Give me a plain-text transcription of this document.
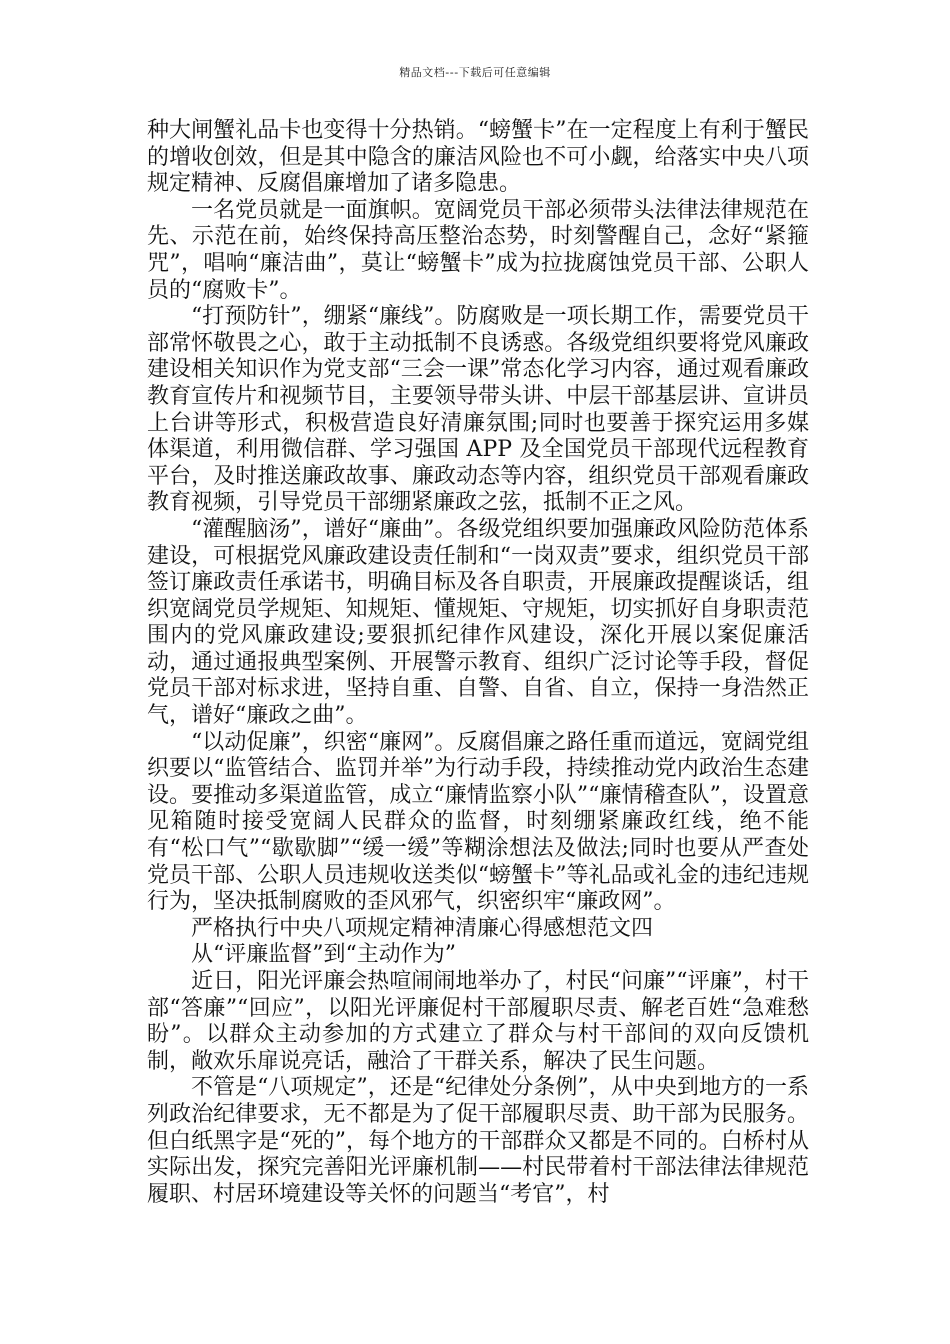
精品文档---下载后可任意编辑

种大闸蟹礼品卡也变得十分热销。“螃蟹卡”在一定程度上有利于蟹民的增收创效，但是其中隐含的廉洁风险也不可小觑，给落实中央八项规定精神、反腐倡廉增加了诸多隐患。

一名党员就是一面旗帜。宽阔党员干部必须带头法律法律规范在先、示范在前，始终保持高压整治态势，时刻警醒自己，念好“紧箍咒”，唱响“廉洁曲”，莫让“螃蟹卡”成为拉拢腐蚀党员干部、公职人员的“腐败卡”。

“打预防针”，绷紧“廉线”。防腐败是一项长期工作，需要党员干部常怀敬畏之心，敢于主动抵制不良诱惑。各级党组织要将党风廉政建设相关知识作为党支部“三会一课”常态化学习内容，通过观看廉政教育宣传片和视频节目，主要领导带头讲、中层干部基层讲、宣讲员上台讲等形式，积极营造良好清廉氛围;同时也要善于探究运用多媒体渠道，利用微信群、学习强国 APP 及全国党员干部现代远程教育平台，及时推送廉政故事、廉政动态等内容，组织党员干部观看廉政教育视频，引导党员干部绷紧廉政之弦，抵制不正之风。

“灌醒脑汤”，谱好“廉曲”。各级党组织要加强廉政风险防范体系建设，可根据党风廉政建设责任制和“一岗双责”要求，组织党员干部签订廉政责任承诺书，明确目标及各自职责，开展廉政提醒谈话，组织宽阔党员学规矩、知规矩、懂规矩、守规矩，切实抓好自身职责范围内的党风廉政建设;要狠抓纪律作风建设，深化开展以案促廉活动，通过通报典型案例、开展警示教育、组织广泛讨论等手段，督促党员干部对标求进，坚持自重、自警、自省、自立，保持一身浩然正气，谱好“廉政之曲”。

“以动促廉”，织密“廉网”。反腐倡廉之路任重而道远，宽阔党组织要以“监管结合、监罚并举”为行动手段，持续推动党内政治生态建设。要推动多渠道监管，成立“廉情监察小队”“廉情稽查队”，设置意见箱随时接受宽阔人民群众的监督，时刻绷紧廉政红线，绝不能有“松口气”“歇歇脚”“缓一缓”等糊涂想法及做法;同时也要从严查处党员干部、公职人员违规收送类似“螃蟹卡”等礼品或礼金的违纪违规行为，坚决抵制腐败的歪风邪气，织密织牢“廉政网”。

严格执行中央八项规定精神清廉心得感想范文四

从“评廉监督”到“主动作为”

近日，阳光评廉会热喧闹闹地举办了，村民“问廉”“评廉”，村干部“答廉”“回应”，以阳光评廉促村干部履职尽责、解老百姓“急难愁盼”。以群众主动参加的方式建立了群众与村干部间的双向反馈机制，敞欢乐扉说亮话，融洽了干群关系，解决了民生问题。

不管是“八项规定”，还是“纪律处分条例”，从中央到地方的一系列政治纪律要求，无不都是为了促干部履职尽责、助干部为民服务。但白纸黑字是“死的”，每个地方的干部群众又都是不同的。白桥村从实际出发，探究完善阳光评廉机制——村民带着村干部法律法律规范履职、村居环境建设等关怀的问题当“考官”，村
